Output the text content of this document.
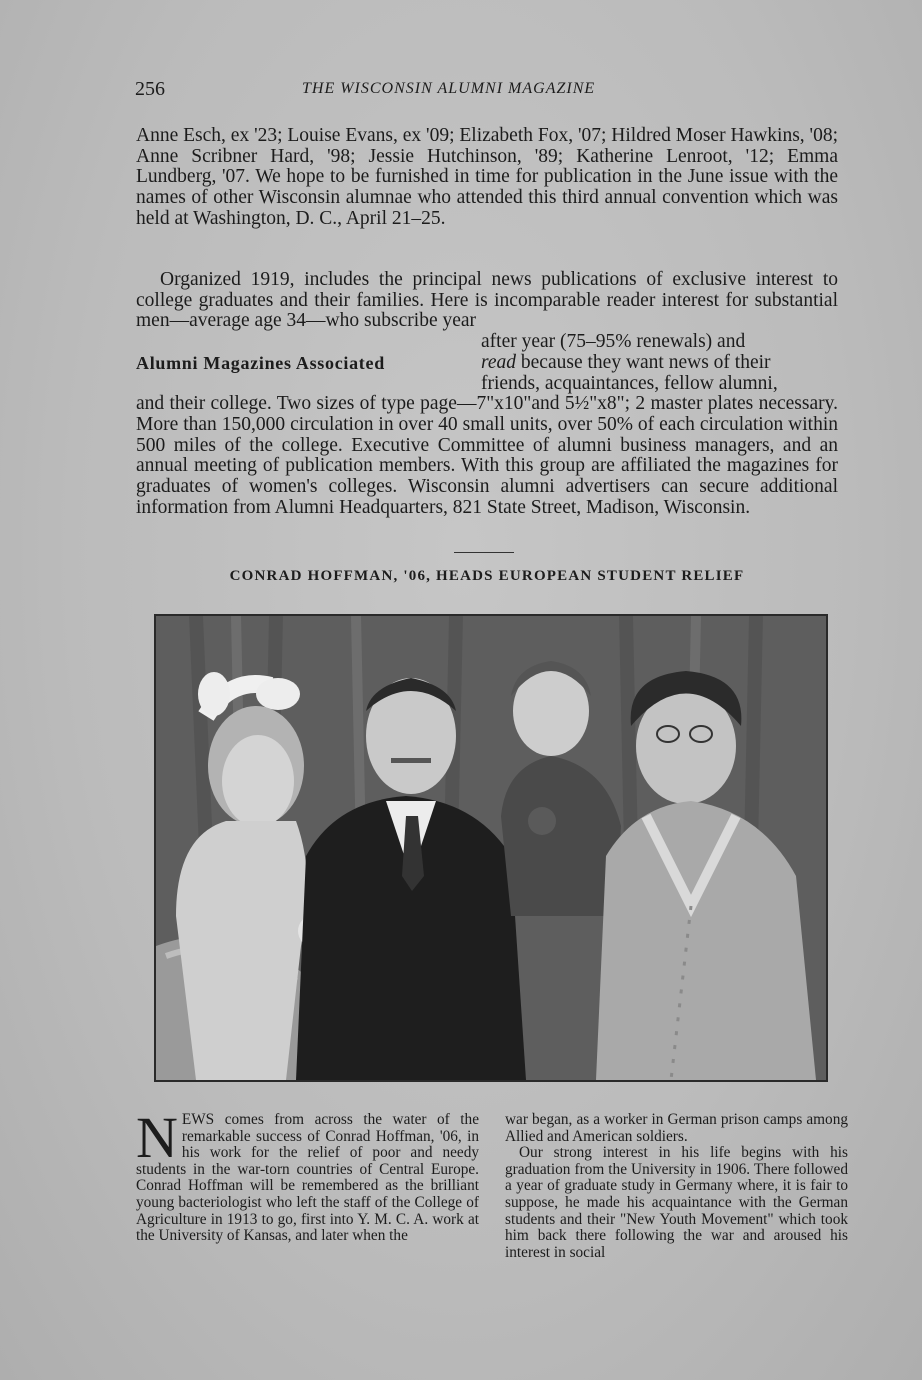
256	THE WISCONSIN ALUMNI MAGAZINE

Anne Esch, ex '23; Louise Evans, ex '09; Elizabeth Fox, '07; Hildred Moser Hawkins, '08; Anne Scribner Hard, '98; Jessie Hutchinson, '89; Katherine Lenroot, '12; Emma Lundberg, '07. We hope to be furnished in time for publication in the June issue with the names of other Wisconsin alumnae who attended this third annual convention which was held at Washington, D. C., April 21–25.

Organized 1919, includes the principal news publications of exclusive interest to college graduates and their families. Here is incomparable reader interest for substantial men—average age 34—who subscribe year

after year (75–95% renewals) and
Alumni Magazines Associated	read because they want news of their
friends, acquaintances, fellow alumni,

and their college. Two sizes of type page—7"x10"and 5½"x8"; 2 master plates necessary. More than 150,000 circulation in over 40 small units, over 50% of each circulation within 500 miles of the college. Executive Committee of alumni business managers, and an annual meeting of publication members. With this group are affiliated the magazines for graduates of women's colleges. Wisconsin alumni advertisers can secure additional information from Alumni Headquarters, 821 State Street, Madison, Wisconsin.

CONRAD HOFFMAN, '06, HEADS EUROPEAN STUDENT RELIEF

NEWS comes from across the water of the remarkable success of Conrad Hoffman, '06, in his work for the relief of poor and needy students in the war-torn countries of Central Europe. Conrad Hoffman will be remembered as the brilliant young bacteriologist who left the staff of the College of Agriculture in 1913 to go, first into Y. M. C. A. work at the University of Kansas, and later when the

war began, as a worker in German prison camps among Allied and American soldiers.

Our strong interest in his life begins with his graduation from the University in 1906. There followed a year of graduate study in Germany where, it is fair to suppose, he made his acquaintance with the German students and their "New Youth Movement" which took him back there following the war and aroused his interest in social
